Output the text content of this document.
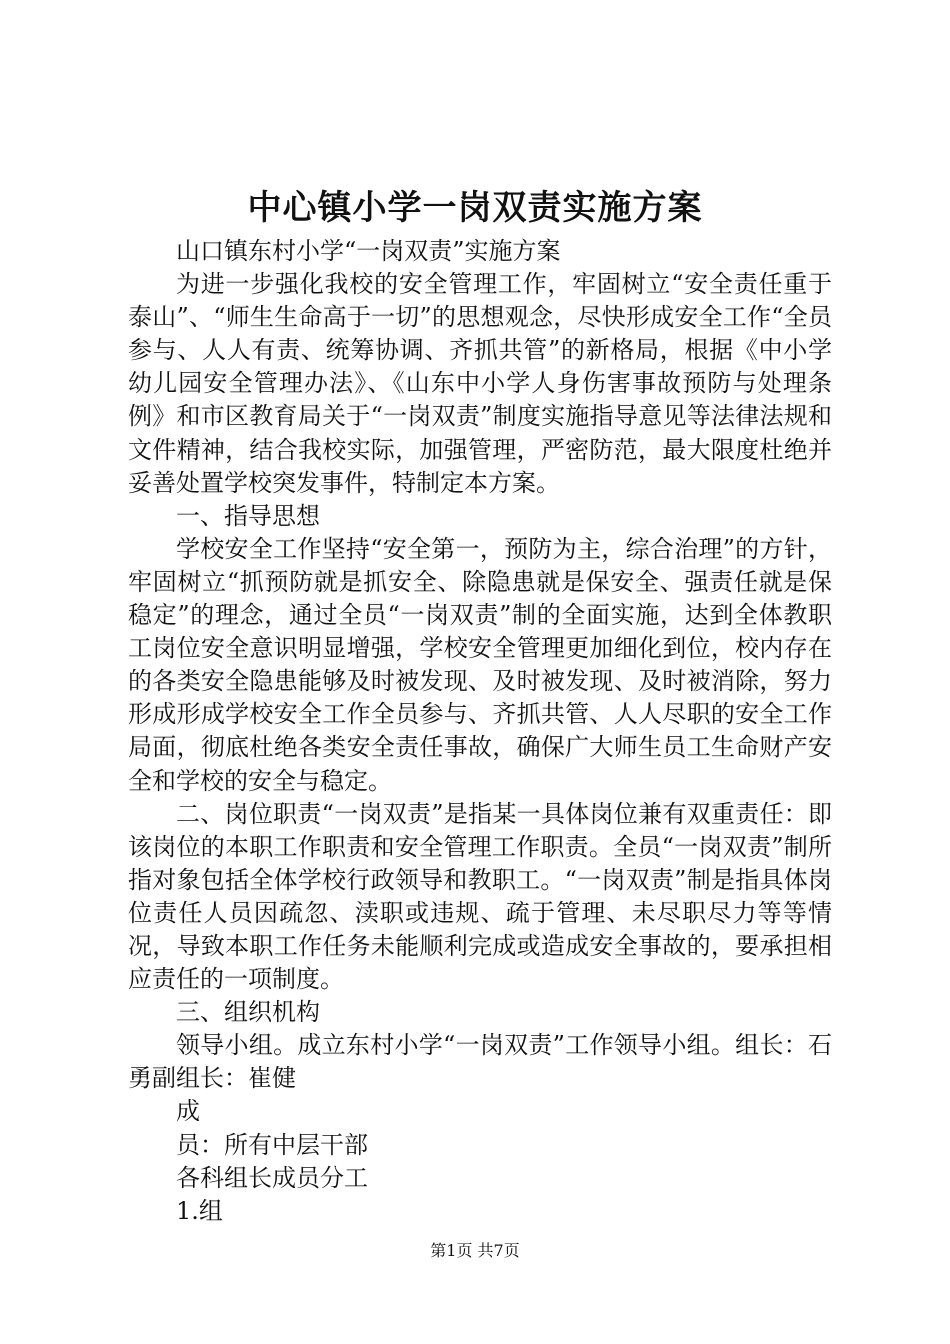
中心镇小学一岗双责实施方案

山口镇东村小学“一岗双责”实施方案

为进一步强化我校的安全管理工作，牢固树立“安全责任重于泰山”、“师生生命高于一切”的思想观念，尽快形成安全工作“全员参与、人人有责、统筹协调、齐抓共管”的新格局，根据《中小学幼儿园安全管理办法》、《山东中小学人身伤害事故预防与处理条例》和市区教育局关于“一岗双责”制度实施指导意见等法律法规和文件精神，结合我校实际，加强管理，严密防范，最大限度杜绝并妥善处置学校突发事件，特制定本方案。

一、指导思想

学校安全工作坚持“安全第一，预防为主，综合治理”的方针，牢固树立“抓预防就是抓安全、除隐患就是保安全、强责任就是保稳定”的理念，通过全员“一岗双责”制的全面实施，达到全体教职工岗位安全意识明显增强，学校安全管理更加细化到位，校内存在的各类安全隐患能够及时被发现、及时被发现、及时被消除，努力形成形成学校安全工作全员参与、齐抓共管、人人尽职的安全工作局面，彻底杜绝各类安全责任事故，确保广大师生员工生命财产安全和学校的安全与稳定。

二、岗位职责“一岗双责”是指某一具体岗位兼有双重责任：即该岗位的本职工作职责和安全管理工作职责。全员“一岗双责”制所指对象包括全体学校行政领导和教职工。“一岗双责”制是指具体岗位责任人员因疏忽、渎职或违规、疏于管理、未尽职尽力等等情况，导致本职工作任务未能顺利完成或造成安全事故的，要承担相应责任的一项制度。

三、组织机构

领导小组。成立东村小学“一岗双责”工作领导小组。组长：石勇副组长：崔健

成

员：所有中层干部

各科组长成员分工

1.组

第1页 共7页
